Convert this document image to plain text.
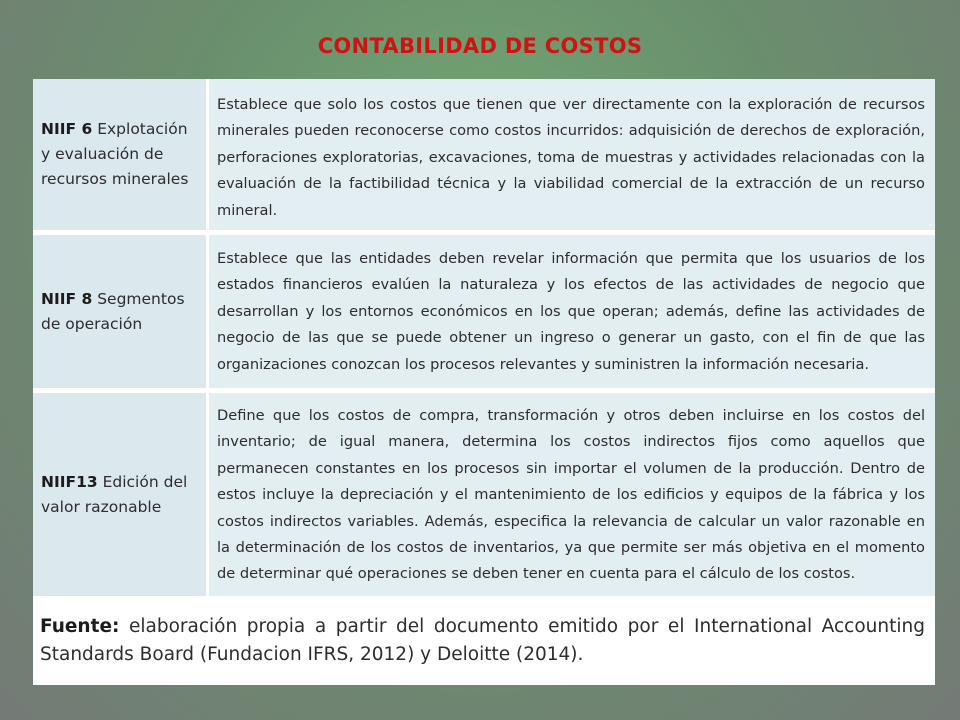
CONTABILIDAD DE COSTOS
NIIF 6 Explotación y evaluación de recursos minerales
Establece que solo los costos que tienen que ver directamente con la exploración de recursos minerales pueden reconocerse como costos incurridos: adquisición de derechos de exploración, perforaciones exploratorias, excavaciones, toma de muestras y actividades relacionadas con la evaluación de la factibilidad técnica y la viabilidad comercial de la extracción de un recurso mineral.
NIIF 8 Segmentos de operación
Establece que las entidades deben revelar información que permita que los usuarios de los estados financieros evalúen la naturaleza y los efectos de las actividades de negocio que desarrollan y los entornos económicos en los que operan; además, define las actividades de negocio de las que se puede obtener un ingreso o generar un gasto, con el fin de que las organizaciones conozcan los procesos relevantes y suministren la información necesaria.
NIIF13 Edición del valor razonable
Define que los costos de compra, transformación y otros deben incluirse en los costos del inventario; de igual manera, determina los costos indirectos fijos como aquellos que permanecen constantes en los procesos sin importar el volumen de la producción. Dentro de estos incluye la depreciación y el mantenimiento de los edificios y equipos de la fábrica y los costos indirectos variables. Además, especifica la relevancia de calcular un valor razonable en la determinación de los costos de inventarios, ya que permite ser más objetiva en el momento de determinar qué operaciones se deben tener en cuenta para el cálculo de los costos.
Fuente: elaboración propia a partir del documento emitido por el International Accounting Standards Board (Fundacion IFRS, 2012) y Deloitte (2014).
